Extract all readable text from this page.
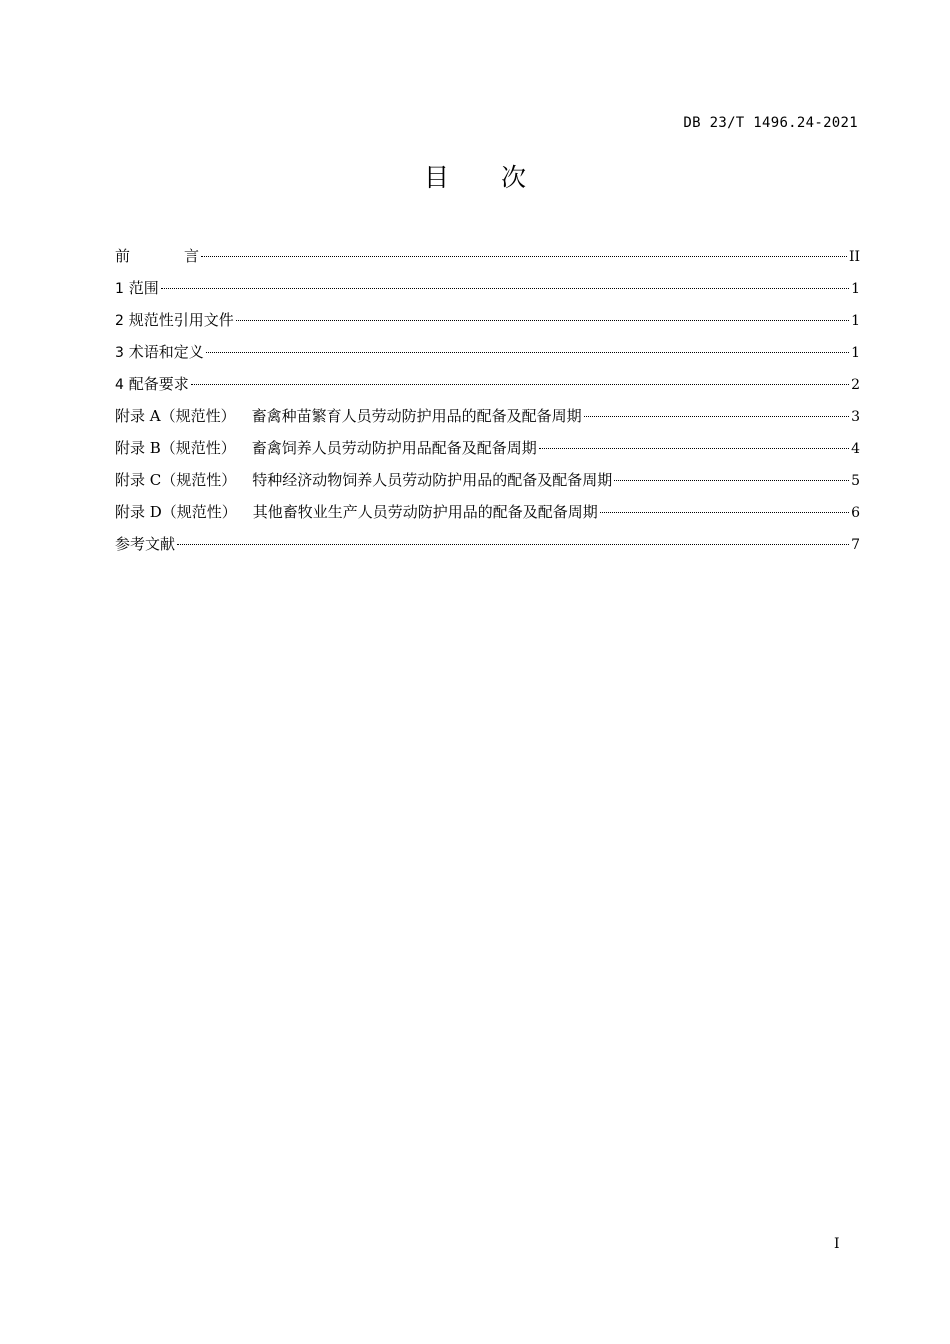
DB 23/T 1496.24-2021
目 次
前言	II
1 范围	1
2 规范性引用文件	1
3 术语和定义	1
4 配备要求	2
附录 A（规范性） 畜禽种苗繁育人员劳动防护用品的配备及配备周期	3
附录 B（规范性） 畜禽饲养人员劳动防护用品配备及配备周期	4
附录 C（规范性） 特种经济动物饲养人员劳动防护用品的配备及配备周期	5
附录 D（规范性） 其他畜牧业生产人员劳动防护用品的配备及配备周期	6
参考文献	7
I
